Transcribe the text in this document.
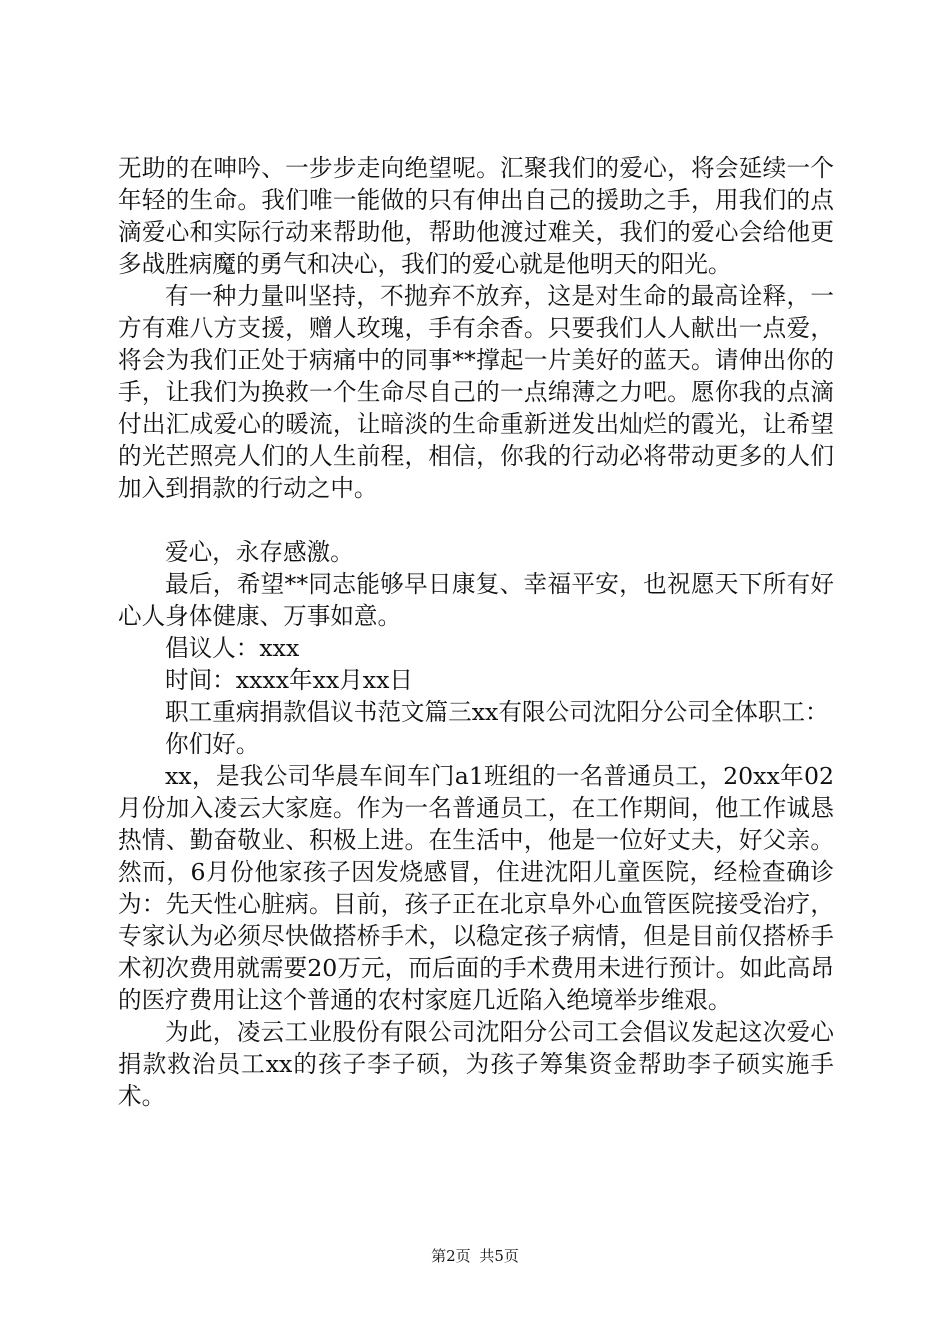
无助的在呻吟、一步步走向绝望呢。汇聚我们的爱心，将会延续一个年轻的生命。我们唯一能做的只有伸出自己的援助之手，用我们的点滴爱心和实际行动来帮助他，帮助他渡过难关，我们的爱心会给他更多战胜病魔的勇气和决心，我们的爱心就是他明天的阳光。

有一种力量叫坚持，不抛弃不放弃，这是对生命的最高诠释，一方有难八方支援，赠人玫瑰，手有余香。只要我们人人献出一点爱，将会为我们正处于病痛中的同事**撑起一片美好的蓝天。请伸出你的手，让我们为换救一个生命尽自己的一点绵薄之力吧。愿你我的点滴付出汇成爱心的暖流，让暗淡的生命重新迸发出灿烂的霞光，让希望的光芒照亮人们的人生前程，相信，你我的行动必将带动更多的人们加入到捐款的行动之中。

爱心，永存感激。

最后，希望**同志能够早日康复、幸福平安，也祝愿天下所有好心人身体健康、万事如意。

倡议人：xxx

时间：xxxx年xx月xx日

职工重病捐款倡议书范文篇三xx有限公司沈阳分公司全体职工：

你们好。

xx，是我公司华晨车间车门a1班组的一名普通员工，20xx年02月份加入凌云大家庭。作为一名普通员工，在工作期间，他工作诚恳热情、勤奋敬业、积极上进。在生活中，他是一位好丈夫，好父亲。然而，6月份他家孩子因发烧感冒，住进沈阳儿童医院，经检查确诊为：先天性心脏病。目前，孩子正在北京阜外心血管医院接受治疗，专家认为必须尽快做搭桥手术，以稳定孩子病情，但是目前仅搭桥手术初次费用就需要20万元，而后面的手术费用未进行预计。如此高昂的医疗费用让这个普通的农村家庭几近陷入绝境举步维艰。

为此，凌云工业股份有限公司沈阳分公司工会倡议发起这次爱心捐款救治员工xx的孩子李子硕，为孩子筹集资金帮助李子硕实施手术。

第2页 共5页
